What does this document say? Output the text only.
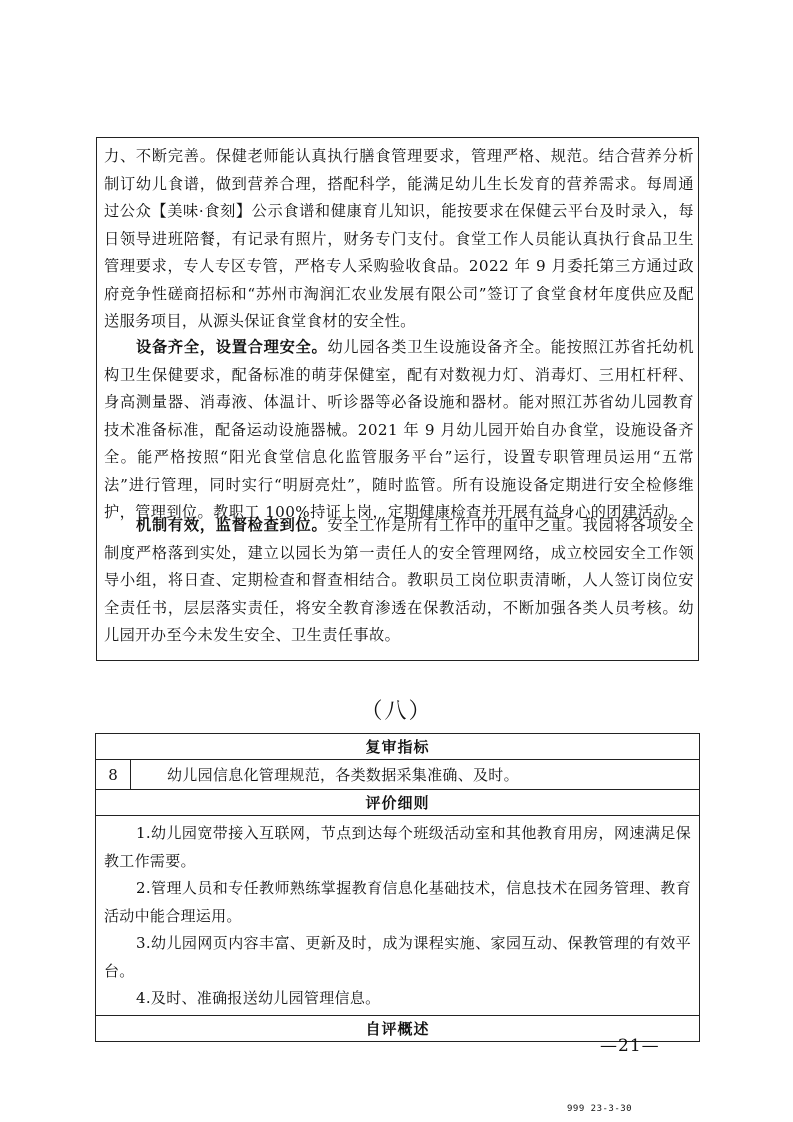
力、不断完善。保健老师能认真执行膳食管理要求，管理严格、规范。结合营养分析制订幼儿食谱，做到营养合理，搭配科学，能满足幼儿生长发育的营养需求。每周通过公众【美味·食刻】公示食谱和健康育儿知识，能按要求在保健云平台及时录入，每日领导进班陪餐，有记录有照片，财务专门支付。食堂工作人员能认真执行食品卫生管理要求，专人专区专管，严格专人采购验收食品。2022 年 9 月委托第三方通过政府竞争性磋商招标和“苏州市淘润汇农业发展有限公司”签订了食堂食材年度供应及配送服务项目，从源头保证食堂食材的安全性。

设备齐全，设置合理安全。幼儿园各类卫生设施设备齐全。能按照江苏省托幼机构卫生保健要求，配备标准的萌芽保健室，配有对数视力灯、消毒灯、三用杠杆秤、身高测量器、消毒液、体温计、听诊器等必备设施和器材。能对照江苏省幼儿园教育技术准备标准，配备运动设施器械。2021 年 9 月幼儿园开始自办食堂，设施设备齐全。能严格按照“阳光食堂信息化监管服务平台”运行，设置专职管理员运用“五常法”进行管理，同时实行“明厨亮灶”，随时监管。所有设施设备定期进行安全检修维护，管理到位。教职工 100%持证上岗，定期健康检查并开展有益身心的团建活动。

机制有效，监督检查到位。安全工作是所有工作中的重中之重。我园将各项安全制度严格落到实处，建立以园长为第一责任人的安全管理网络，成立校园安全工作领导小组，将日查、定期检查和督查相结合。教职员工岗位职责清晰，人人签订岗位安全责任书，层层落实责任，将安全教育渗透在保教活动，不断加强各类人员考核。幼儿园开办至今未发生安全、卫生责任事故。

（八）
复审指标
8	幼儿园信息化管理规范，各类数据采集准确、及时。
评价细则

1.幼儿园宽带接入互联网，节点到达每个班级活动室和其他教育用房，网速满足保教工作需要。

2.管理人员和专任教师熟练掌握教育信息化基础技术，信息技术在园务管理、教育活动中能合理运用。

3.幼儿园网页内容丰富、更新及时，成为课程实施、家园互动、保教管理的有效平台。

4.及时、准确报送幼儿园管理信息。

自评概述
—21—
999 23-3-30
